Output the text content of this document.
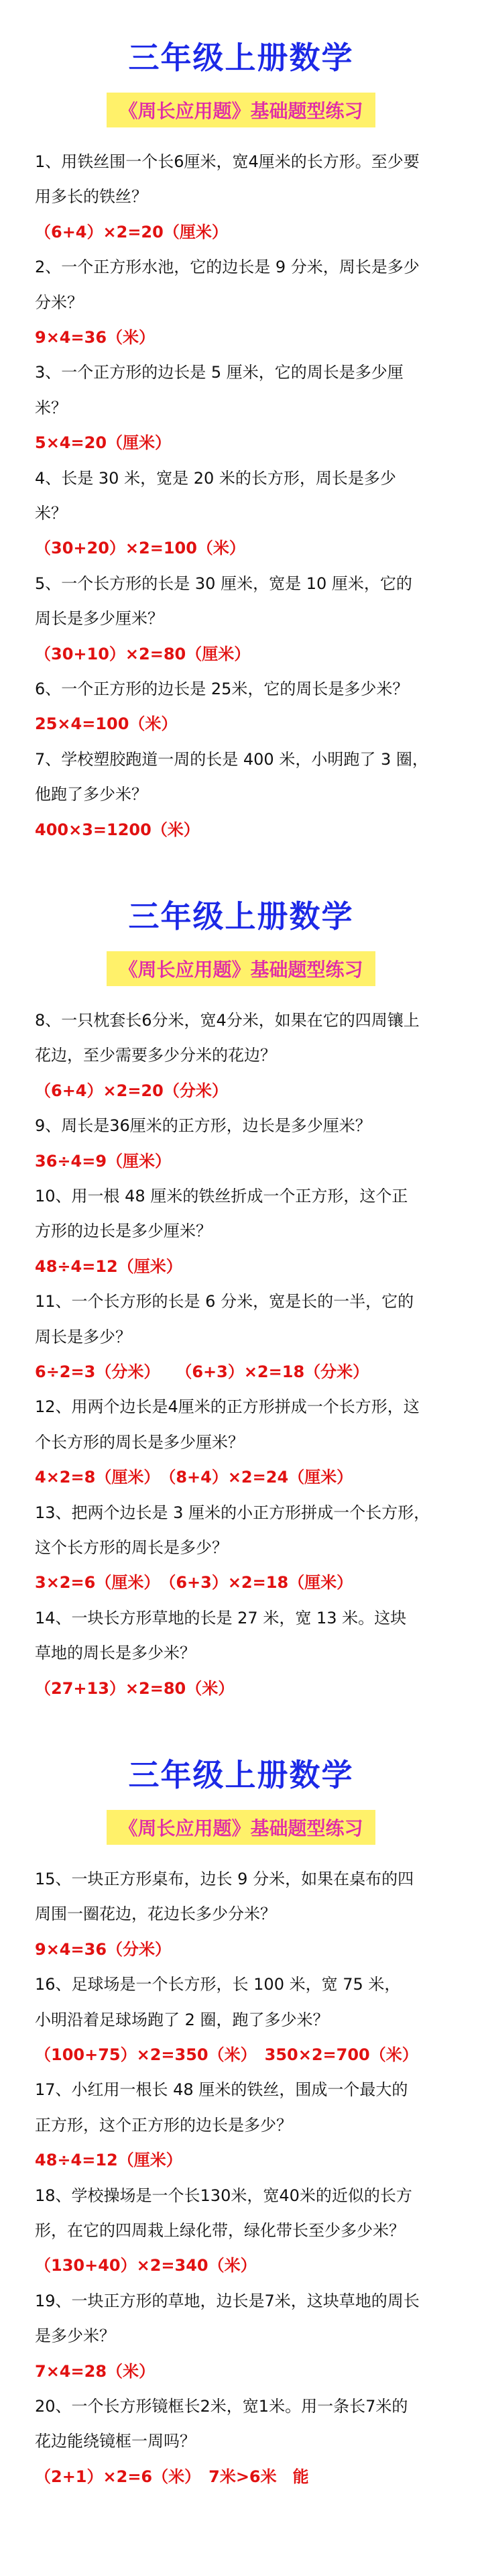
三年级上册数学
《周长应用题》基础题型练习
1、用铁丝围一个长6厘米，宽4厘米的长方形。至少要
用多长的铁丝？
（6+4）×2=20（厘米）
2、一个正方形水池，它的边长是 9 分米，周长是多少
分米？
9×4=36（米）
3、一个正方形的边长是 5 厘米，它的周长是多少厘
米？
5×4=20（厘米）
4、长是 30 米，宽是 20 米的长方形，周长是多少
米？
（30+20）×2=100（米）
5、一个长方形的长是 30 厘米，宽是 10 厘米，它的
周长是多少厘米？
（30+10）×2=80（厘米）
6、一个正方形的边长是 25米，它的周长是多少米？
25×4=100（米）
7、学校塑胶跑道一周的长是 400 米，小明跑了 3 圈，
他跑了多少米？
400×3=1200（米）
三年级上册数学
《周长应用题》基础题型练习
8、一只枕套长6分米，宽4分米，如果在它的四周镶上
花边，至少需要多少分米的花边？
（6+4）×2=20（分米）
9、周长是36厘米的正方形，边长是多少厘米？
36÷4=9（厘米）
10、用一根 48 厘米的铁丝折成一个正方形，这个正
方形的边长是多少厘米？
48÷4=12（厘米）
11、一个长方形的长是 6 分米，宽是长的一半，它的
周长是多少？
6÷2=3（分米）　　（6+3）×2=18（分米）
12、用两个边长是4厘米的正方形拼成一个长方形，这
个长方形的周长是多少厘米？
4×2=8（厘米）　（8+4）×2=24（厘米）
13、把两个边长是 3 厘米的小正方形拼成一个长方形，
这个长方形的周长是多少？
3×2=6（厘米）　（6+3）×2=18（厘米）
14、一块长方形草地的长是 27 米，宽 13 米。这块
草地的周长是多少米？
（27+13）×2=80（米）
三年级上册数学
《周长应用题》基础题型练习
15、一块正方形桌布，边长 9 分米，如果在桌布的四
周围一圈花边，花边长多少分米？
9×4=36（分米）
16、足球场是一个长方形，长 100 米，宽 75 米，
小明沿着足球场跑了 2 圈，跑了多少米？
（100+75）×2=350（米）　350×2=700（米）
17、小红用一根长 48 厘米的铁丝，围成一个最大的
正方形，这个正方形的边长是多少？
48÷4=12（厘米）
18、学校操场是一个长130米，宽40米的近似的长方
形，在它的四周栽上绿化带，绿化带长至少多少米？
（130+40）×2=340（米）
19、一块正方形的草地，边长是7米，这块草地的周长
是多少米？
7×4=28（米）
20、一个长方形镜框长2米，宽1米。用一条长7米的
花边能绕镜框一周吗？
（2+1）×2=6（米）　7米>6米　能
